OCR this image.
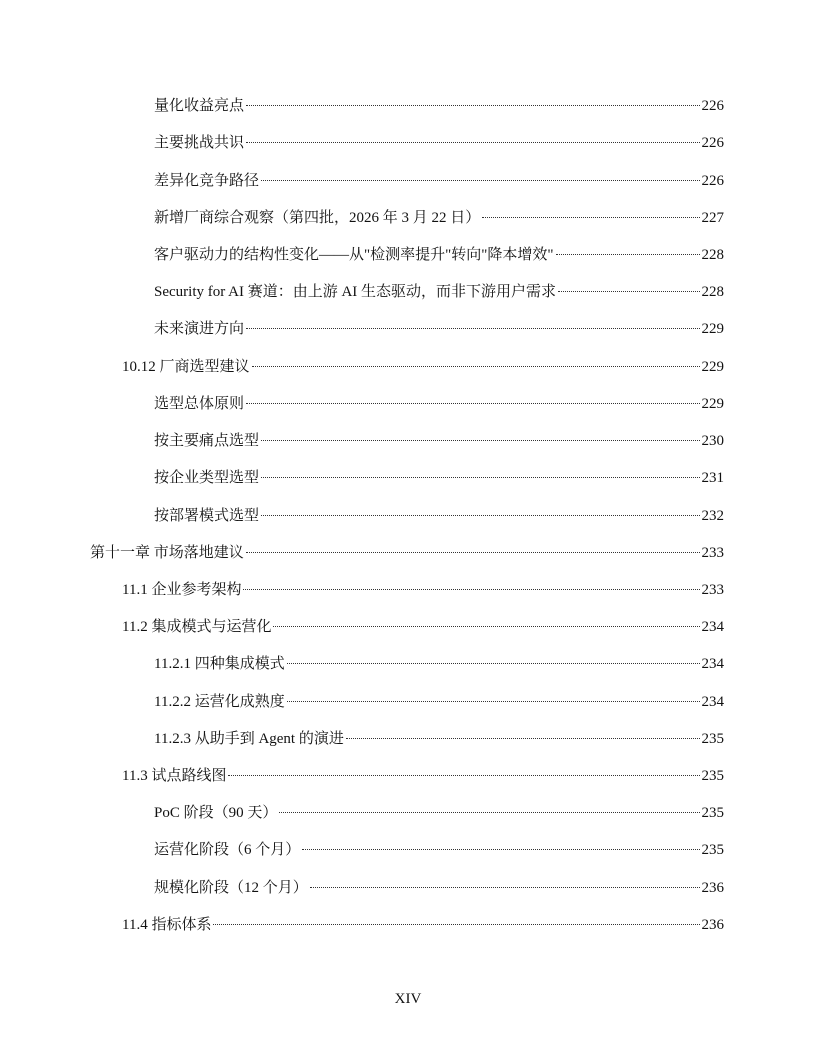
量化收益亮点	226
主要挑战共识	226
差异化竞争路径	226
新增厂商综合观察（第四批，2026 年 3 月 22 日）	227
客户驱动力的结构性变化——从"检测率提升"转向"降本增效"	228
Security for AI 赛道：由上游 AI 生态驱动，而非下游用户需求	228
未来演进方向	229
10.12 厂商选型建议	229
选型总体原则	229
按主要痛点选型	230
按企业类型选型	231
按部署模式选型	232
第十一章 市场落地建议	233
11.1 企业参考架构	233
11.2 集成模式与运营化	234
11.2.1 四种集成模式	234
11.2.2 运营化成熟度	234
11.2.3 从助手到 Agent 的演进	235
11.3 试点路线图	235
PoC 阶段（90 天）	235
运营化阶段（6 个月）	235
规模化阶段（12 个月）	236
11.4 指标体系	236
XIV
